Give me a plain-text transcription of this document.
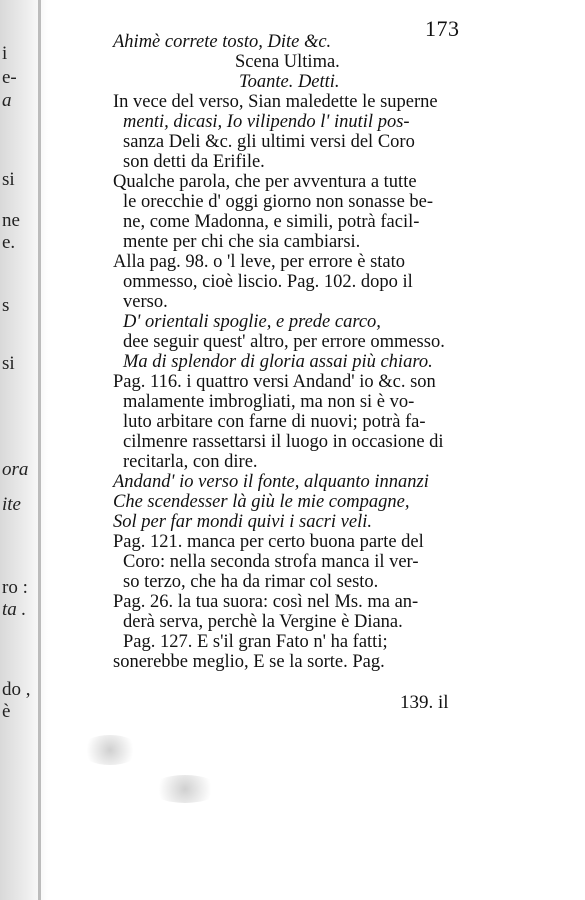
i
e-
a
si
ne
e.
s
si
ora
ite
ro :
ta .
do ,
è
173
Ahimè correte tosto, Dite &c.
Scena Ultima.
Toante. Detti.
In vece del verso, Sian maledette le superne
menti, dicasi, Io vilipendo l' inutil pos-
sanza Deli &c. gli ultimi versi del Coro
son detti da Erifile.
Qualche parola, che per avventura a tutte
le orecchie d' oggi giorno non sonasse be-
ne, come Madonna, e simili, potrà facil-
mente per chi che sia cambiarsi.
Alla pag. 98. o 'l leve, per errore è stato
ommesso, cioè liscio. Pag. 102. dopo il
verso.
D' orientali spoglie, e prede carco,
dee seguir quest' altro, per errore ommesso.
Ma di splendor di gloria assai più chiaro.
Pag. 116. i quattro versi Andand' io &c. son
malamente imbrogliati, ma non si è vo-
luto arbitare con farne di nuovi; potrà fa-
cilmenre rassettarsi il luogo in occasione di
recitarla, con dire.
Andand' io verso il fonte, alquanto innanzi
Che scendesser là giù le mie compagne,
Sol per far mondi quivi i sacri veli.
Pag. 121. manca per certo buona parte del
Coro: nella seconda strofa manca il ver-
so terzo, che ha da rimar col sesto.
Pag. 26. la tua suora: così nel Ms. ma an-
derà serva, perchè la Vergine è Diana.
Pag. 127. E s'il gran Fato n' ha fatti;
sonerebbe meglio, E se la sorte. Pag.
139. il
